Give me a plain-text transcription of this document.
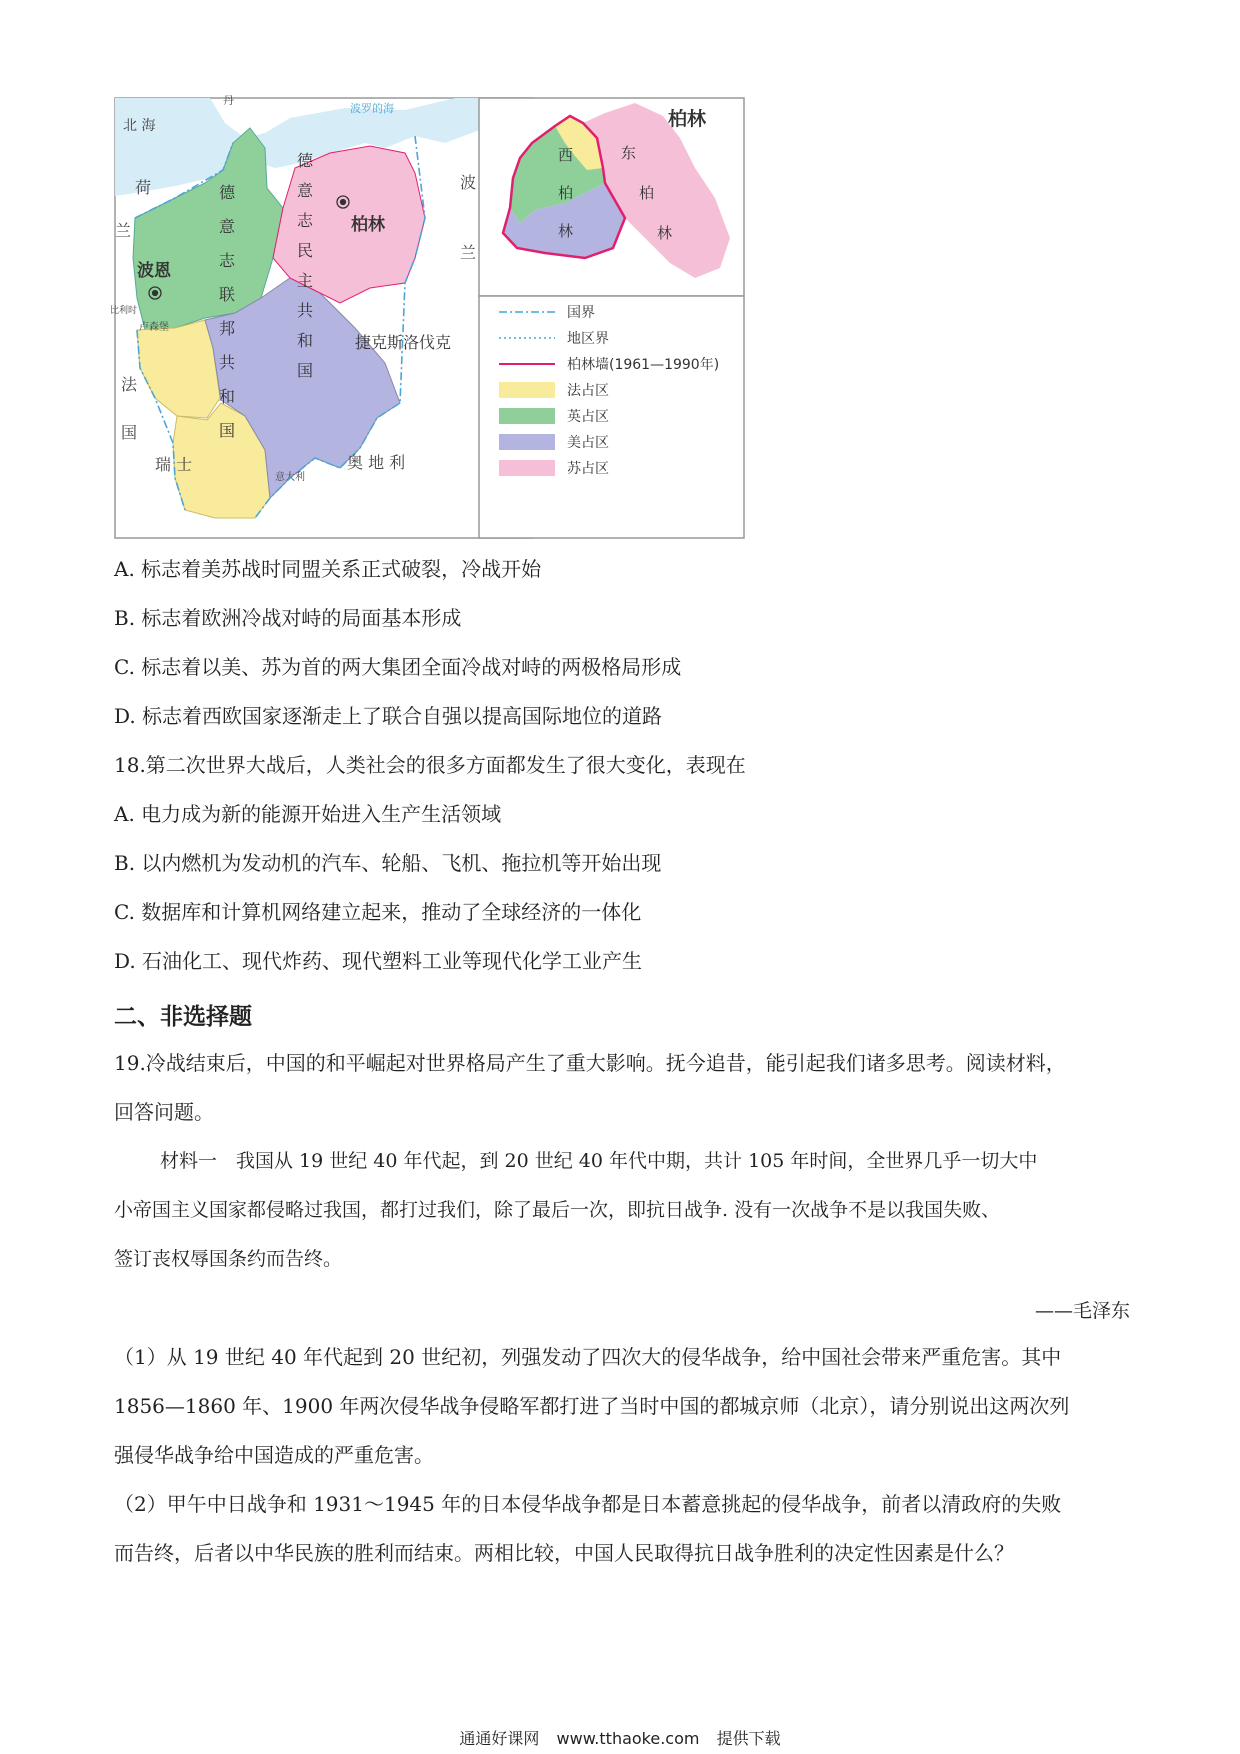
北 海
波罗的海
丹
荷
兰
比利时
卢森堡
法
国
瑞 士
意大利
奥 地 利
波
兰
捷克斯洛伐克
波恩
柏林
德
意
志
联
邦
共
和
国
德
意
志
民
主
共
和
国
柏林
西
柏
林
东
柏
林
国界
地区界
柏林墙(1961—1990年)
法占区
英占区
美占区
苏占区
A. 标志着美苏战时同盟关系正式破裂，冷战开始
B. 标志着欧洲冷战对峙的局面基本形成
C. 标志着以美、苏为首的两大集团全面冷战对峙的两极格局形成
D. 标志着西欧国家逐渐走上了联合自强以提高国际地位的道路
18.第二次世界大战后，人类社会的很多方面都发生了很大变化，表现在
A. 电力成为新的能源开始进入生产生活领域
B. 以内燃机为发动机的汽车、轮船、飞机、拖拉机等开始出现
C. 数据库和计算机网络建立起来，推动了全球经济的一体化
D. 石油化工、现代炸药、现代塑料工业等现代化学工业产生
二、非选择题
19.冷战结束后，中国的和平崛起对世界格局产生了重大影响。抚今追昔，能引起我们诸多思考。阅读材料，
回答问题。
材料一　我国从 19 世纪 40 年代起，到 20 世纪 40 年代中期，共计 105 年时间，全世界几乎一切大中
小帝国主义国家都侵略过我国，都打过我们，除了最后一次，即抗日战争. 没有一次战争不是以我国失败、
签订丧权辱国条约而告终。
——毛泽东
（1）从 19 世纪 40 年代起到 20 世纪初，列强发动了四次大的侵华战争，给中国社会带来严重危害。其中
1856—1860 年、1900 年两次侵华战争侵略军都打进了当时中国的都城京师（北京），请分别说出这两次列
强侵华战争给中国造成的严重危害。
（2）甲午中日战争和 1931～1945 年的日本侵华战争都是日本蓄意挑起的侵华战争，前者以清政府的失败
而告终，后者以中华民族的胜利而结束。两相比较，中国人民取得抗日战争胜利的决定性因素是什么？
通通好课网 www.tthaoke.com 提供下载
